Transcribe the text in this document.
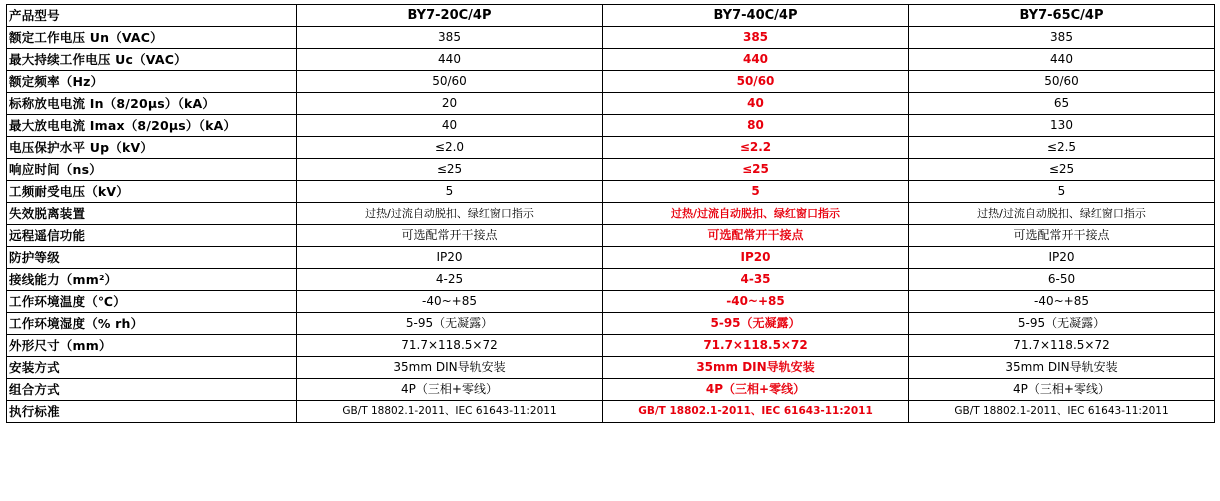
产品型号	BY7-20C/4P	BY7-40C/4P	BY7-65C/4P
额定工作电压 Un（VAC）	385	385	385
最大持续工作电压 Uc（VAC）	440	440	440
额定频率（Hz）	50/60	50/60	50/60
标称放电电流 In（8/20μs）（kA）	20	40	65
最大放电电流 Imax（8/20μs）（kA）	40	80	130
电压保护水平 Up（kV）	≤2.0	≤2.2	≤2.5
响应时间（ns）	≤25	≤25	≤25
工频耐受电压（kV）	5	5	5
失效脱离装置	过热/过流自动脱扣、绿红窗口指示	过热/过流自动脱扣、绿红窗口指示	过热/过流自动脱扣、绿红窗口指示
远程遥信功能	可选配常开干接点	可选配常开干接点	可选配常开干接点
防护等级	IP20	IP20	IP20
接线能力（mm²）	4-25	4-35	6-50
工作环境温度（℃）	-40~+85	-40~+85	-40~+85
工作环境湿度（% rh）	5-95（无凝露）	5-95（无凝露）	5-95（无凝露）
外形尺寸（mm）	71.7×118.5×72	71.7×118.5×72	71.7×118.5×72
安装方式	35mm DIN导轨安装	35mm DIN导轨安装	35mm DIN导轨安装
组合方式	4P（三相+零线）	4P（三相+零线）	4P（三相+零线）
执行标准	GB/T 18802.1-2011、IEC 61643-11:2011	GB/T 18802.1-2011、IEC 61643-11:2011	GB/T 18802.1-2011、IEC 61643-11:2011
